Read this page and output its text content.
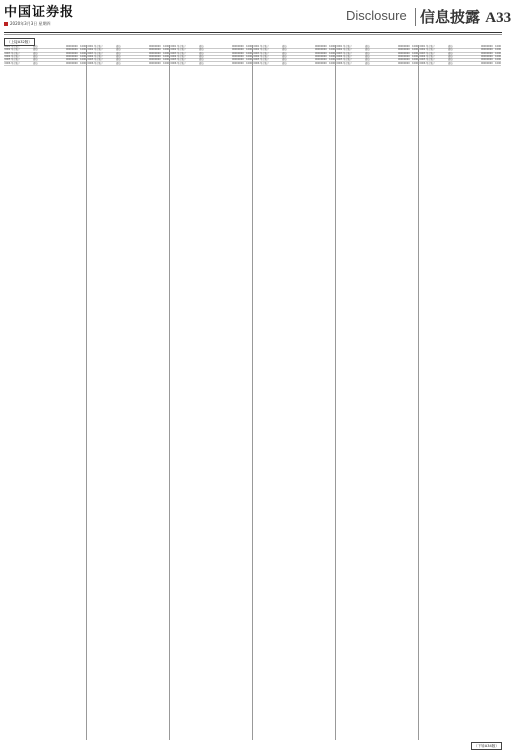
中国证券报
2020年3月3日 星期四
Disclosure 信息披露 A33
（上接A32版）
0001 基金账户	渤海	00000000	1000
0002 基金账户	渤海	00000000	1000
0003 基金账户	渤海	00000000	1000
0004 基金账户	渤海	00000000	1000
0005 基金账户	渤海	00000000	1000
0006 基金账户	渤海	00000000	1000
0001 基金账户	渤海	00000000	1000
0002 基金账户	渤海	00000000	1000
0003 基金账户	渤海	00000000	1000
0004 基金账户	渤海	00000000	1000
0005 基金账户	渤海	00000000	1000
0006 基金账户	渤海	00000000	1000
0001 基金账户	渤海	00000000	1000
0002 基金账户	渤海	00000000	1000
0003 基金账户	渤海	00000000	1000
0004 基金账户	渤海	00000000	1000
0005 基金账户	渤海	00000000	1000
0006 基金账户	渤海	00000000	1000
0001 基金账户	渤海	00000000	1000
0002 基金账户	渤海	00000000	1000
0003 基金账户	渤海	00000000	1000
0004 基金账户	渤海	00000000	1000
0005 基金账户	渤海	00000000	1000
0006 基金账户	渤海	00000000	1000
0001 基金账户	渤海	00000000	1000
0002 基金账户	渤海	00000000	1000
0003 基金账户	渤海	00000000	1000
0004 基金账户	渤海	00000000	1000
0005 基金账户	渤海	00000000	1000
0006 基金账户	渤海	00000000	1000
0001 基金账户	渤海	00000000	1000
0002 基金账户	渤海	00000000	1000
0003 基金账户	渤海	00000000	1000
0004 基金账户	渤海	00000000	1000
0005 基金账户	渤海	00000000	1000
0006 基金账户	渤海	00000000	1000
（下转A34版）
